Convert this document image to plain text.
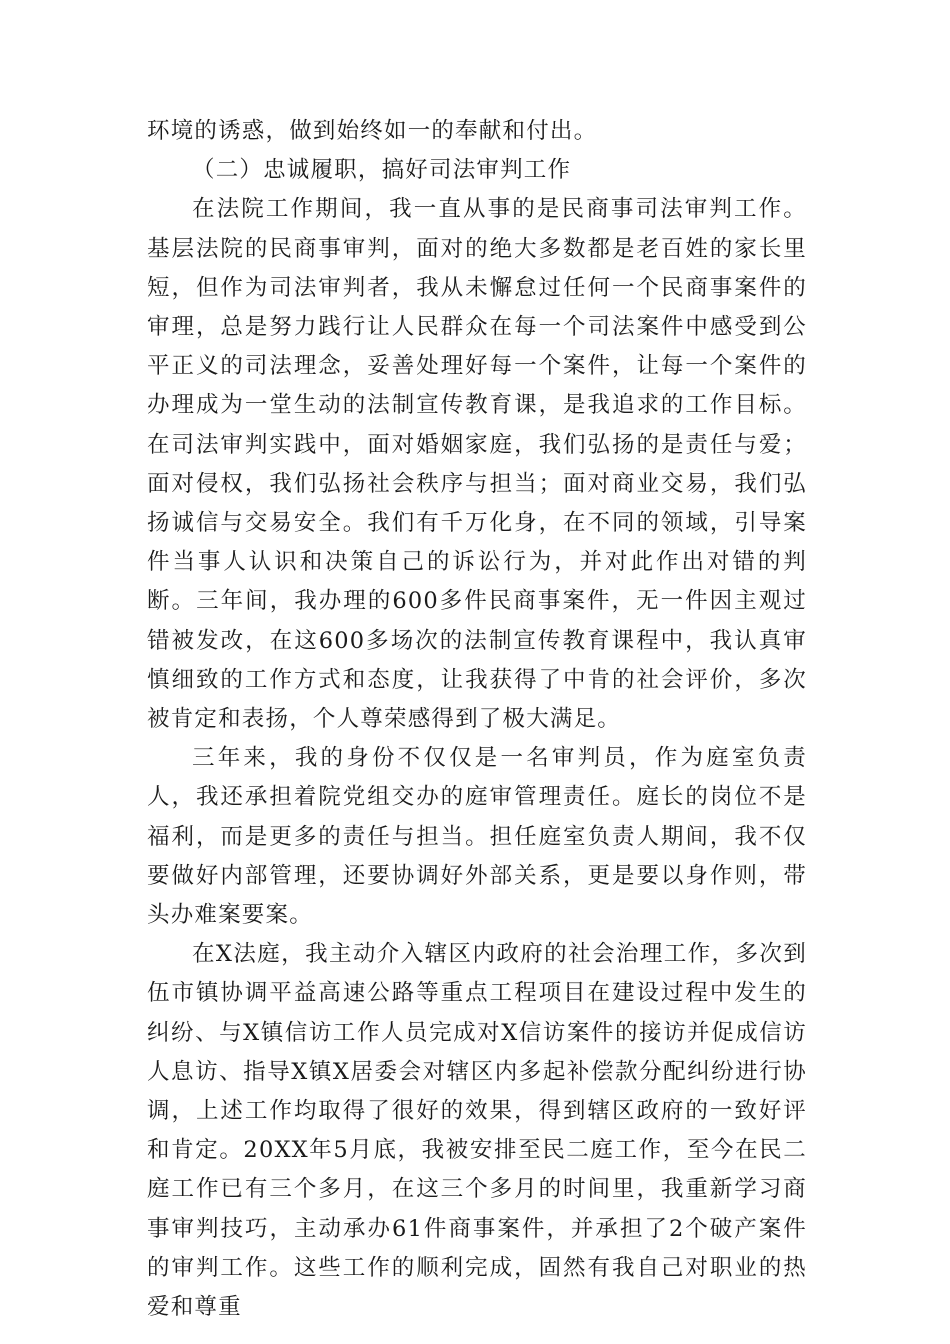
环境的诱惑，做到始终如一的奉献和付出。

（二）忠诚履职，搞好司法审判工作

在法院工作期间，我一直从事的是民商事司法审判工作。基层法院的民商事审判，面对的绝大多数都是老百姓的家长里短，但作为司法审判者，我从未懈怠过任何一个民商事案件的审理，总是努力践行让人民群众在每一个司法案件中感受到公平正义的司法理念，妥善处理好每一个案件，让每一个案件的办理成为一堂生动的法制宣传教育课，是我追求的工作目标。在司法审判实践中，面对婚姻家庭，我们弘扬的是责任与爱；面对侵权，我们弘扬社会秩序与担当；面对商业交易，我们弘扬诚信与交易安全。我们有千万化身，在不同的领域，引导案件当事人认识和决策自己的诉讼行为，并对此作出对错的判断。三年间，我办理的600多件民商事案件，无一件因主观过错被发改，在这600多场次的法制宣传教育课程中，我认真审慎细致的工作方式和态度，让我获得了中肯的社会评价，多次被肯定和表扬，个人尊荣感得到了极大满足。

三年来，我的身份不仅仅是一名审判员，作为庭室负责人，我还承担着院党组交办的庭审管理责任。庭长的岗位不是福利，而是更多的责任与担当。担任庭室负责人期间，我不仅要做好内部管理，还要协调好外部关系，更是要以身作则，带头办难案要案。

在X法庭，我主动介入辖区内政府的社会治理工作，多次到伍市镇协调平益高速公路等重点工程项目在建设过程中发生的纠纷、与X镇信访工作人员完成对X信访案件的接访并促成信访人息访、指导X镇X居委会对辖区内多起补偿款分配纠纷进行协调，上述工作均取得了很好的效果，得到辖区政府的一致好评和肯定。20XX年5月底，我被安排至民二庭工作，至今在民二庭工作已有三个多月，在这三个多月的时间里，我重新学习商事审判技巧，主动承办61件商事案件，并承担了2个破产案件的审判工作。这些工作的顺利完成，固然有我自己对职业的热爱和尊重
